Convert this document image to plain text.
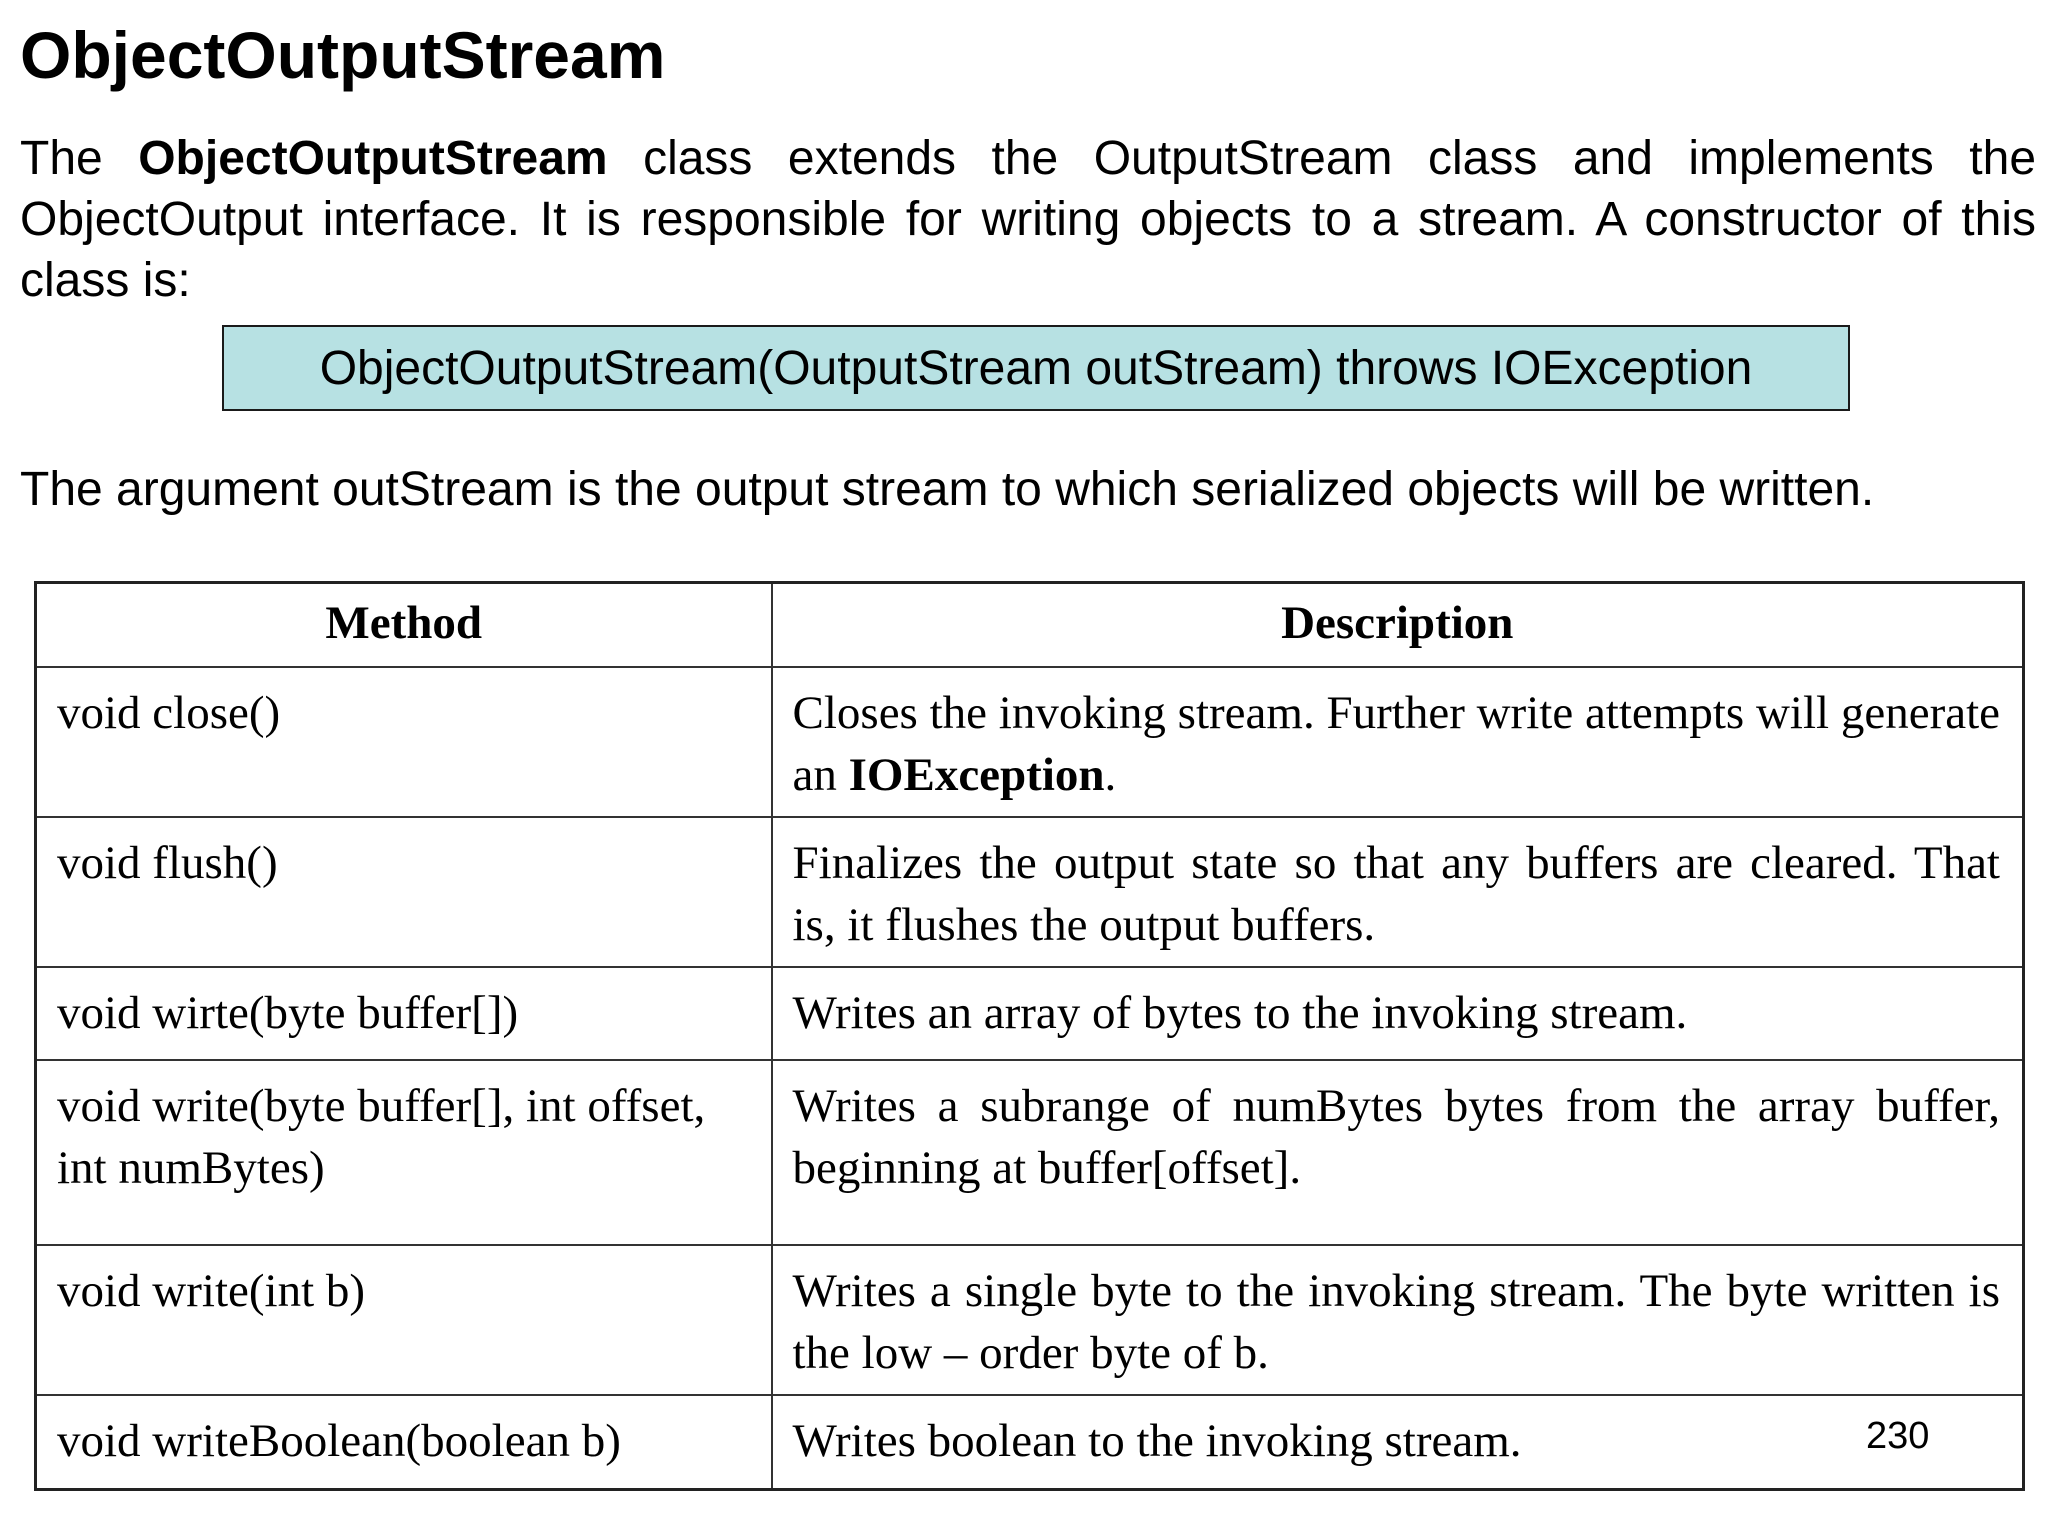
ObjectOutputStream

The ObjectOutputStream class extends the OutputStream class and implements the ObjectOutput interface. It is responsible for writing objects to a stream. A constructor of this class is:

ObjectOutputStream(OutputStream outStream) throws IOException

The argument outStream is the output stream to which serialized objects will be written.

Method	Description
void close()	Closes the invoking stream. Further write attempts will generate an IOException.
void flush()	Finalizes the output state so that any buffers are cleared. That is, it flushes the output buffers.
void wirte(byte buffer[])	Writes an array of bytes to the invoking stream.
void write(byte buffer[], int offset, int numBytes)	Writes a subrange of numBytes bytes from the array buffer, beginning at buffer[offset].
void write(int b)	Writes a single byte to the invoking stream. The byte written is the low – order byte of b.
void writeBoolean(boolean b)	Writes boolean to the invoking stream.	230
